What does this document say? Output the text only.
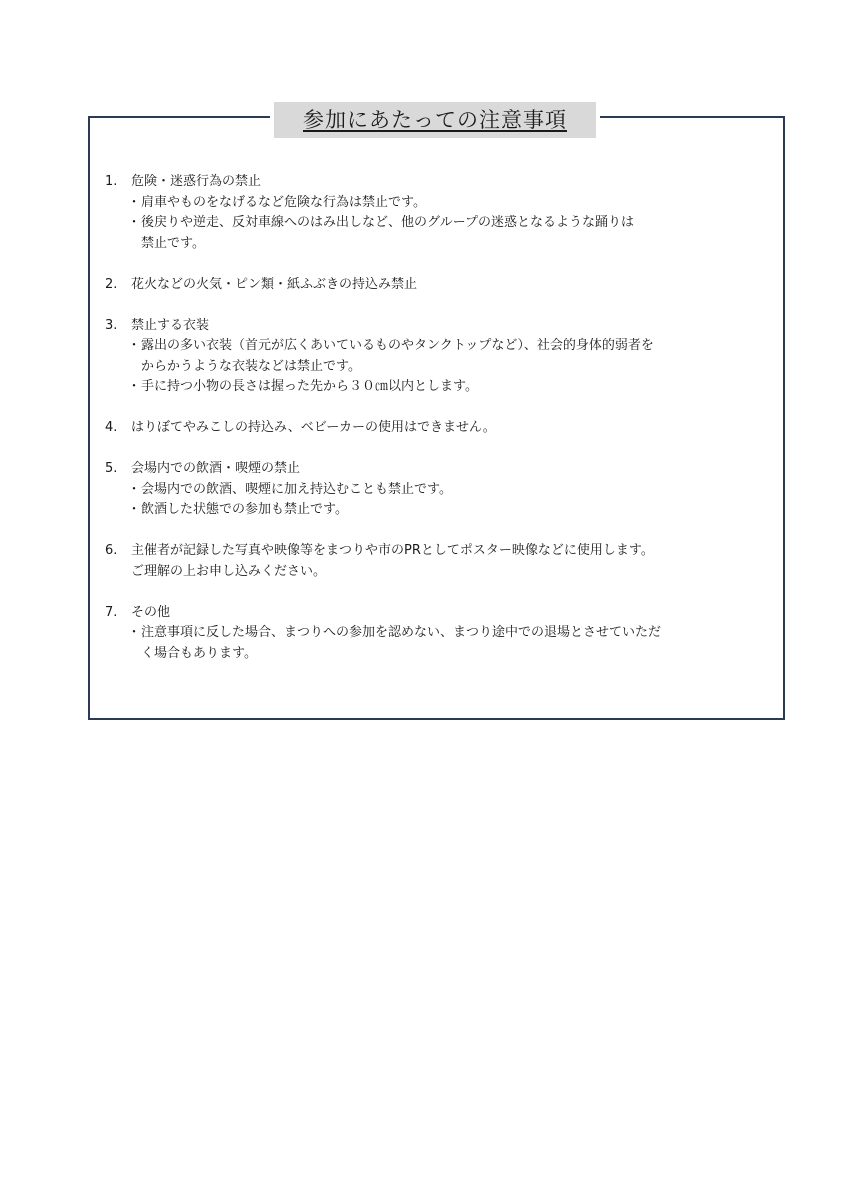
参加にあたっての注意事項
1.	危険・迷惑行為の禁止
・ 肩車やものをなげるなど危険な行為は禁止です。
・ 後戻りや逆走、反対車線へのはみ出しなど、他のグループの迷惑となるような踊りは
禁止です。
2.	花火などの火気・ピン類・紙ふぶきの持込み禁止
3.	禁止する衣装
・ 露出の多い衣装（首元が広くあいているものやタンクトップなど）、社会的身体的弱者を
からかうような衣装などは禁止です。
・ 手に持つ小物の長さは握った先から３０㎝以内とします。
4.	はりぼてやみこしの持込み、ベビーカーの使用はできません。
5.	会場内での飲酒・喫煙の禁止
・ 会場内での飲酒、喫煙に加え持込むことも禁止です。
・ 飲酒した状態での参加も禁止です。
6.	主催者が記録した写真や映像等をまつりや市のPRとしてポスター映像などに使用します。
ご理解の上お申し込みください。
7.	その他
・ 注意事項に反した場合、まつりへの参加を認めない、まつり途中での退場とさせていただ
く場合もあります。
